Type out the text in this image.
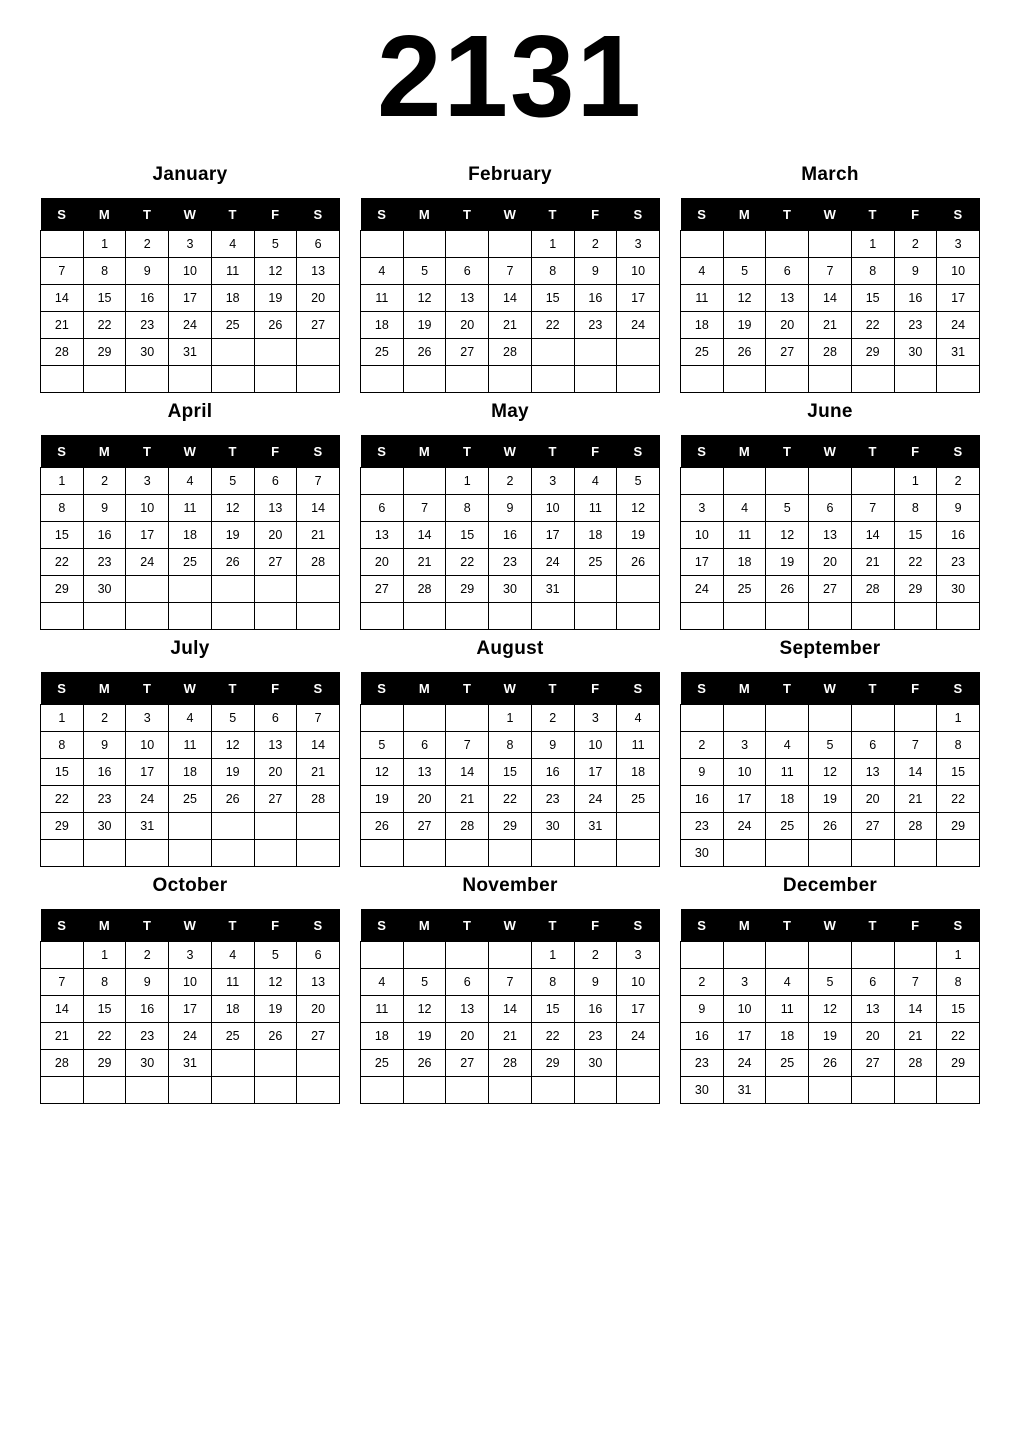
2131
January
S	M	T	W	T	F	S
	1	2	3	4	5	6
7	8	9	10	11	12	13
14	15	16	17	18	19	20
21	22	23	24	25	26	27
28	29	30	31			

February
S	M	T	W	T	F	S
				1	2	3
4	5	6	7	8	9	10
11	12	13	14	15	16	17
18	19	20	21	22	23	24
25	26	27	28			

March
S	M	T	W	T	F	S
				1	2	3
4	5	6	7	8	9	10
11	12	13	14	15	16	17
18	19	20	21	22	23	24
25	26	27	28	29	30	31

April
S	M	T	W	T	F	S
1	2	3	4	5	6	7
8	9	10	11	12	13	14
15	16	17	18	19	20	21
22	23	24	25	26	27	28
29	30					

May
S	M	T	W	T	F	S
		1	2	3	4	5
6	7	8	9	10	11	12
13	14	15	16	17	18	19
20	21	22	23	24	25	26
27	28	29	30	31		

June
S	M	T	W	T	F	S
					1	2
3	4	5	6	7	8	9
10	11	12	13	14	15	16
17	18	19	20	21	22	23
24	25	26	27	28	29	30

July
S	M	T	W	T	F	S
1	2	3	4	5	6	7
8	9	10	11	12	13	14
15	16	17	18	19	20	21
22	23	24	25	26	27	28
29	30	31				

August
S	M	T	W	T	F	S
			1	2	3	4
5	6	7	8	9	10	11
12	13	14	15	16	17	18
19	20	21	22	23	24	25
26	27	28	29	30	31	

September
S	M	T	W	T	F	S
						1
2	3	4	5	6	7	8
9	10	11	12	13	14	15
16	17	18	19	20	21	22
23	24	25	26	27	28	29
30						
October
S	M	T	W	T	F	S
	1	2	3	4	5	6
7	8	9	10	11	12	13
14	15	16	17	18	19	20
21	22	23	24	25	26	27
28	29	30	31			

November
S	M	T	W	T	F	S
				1	2	3
4	5	6	7	8	9	10
11	12	13	14	15	16	17
18	19	20	21	22	23	24
25	26	27	28	29	30	

December
S	M	T	W	T	F	S
						1
2	3	4	5	6	7	8
9	10	11	12	13	14	15
16	17	18	19	20	21	22
23	24	25	26	27	28	29
30	31					
